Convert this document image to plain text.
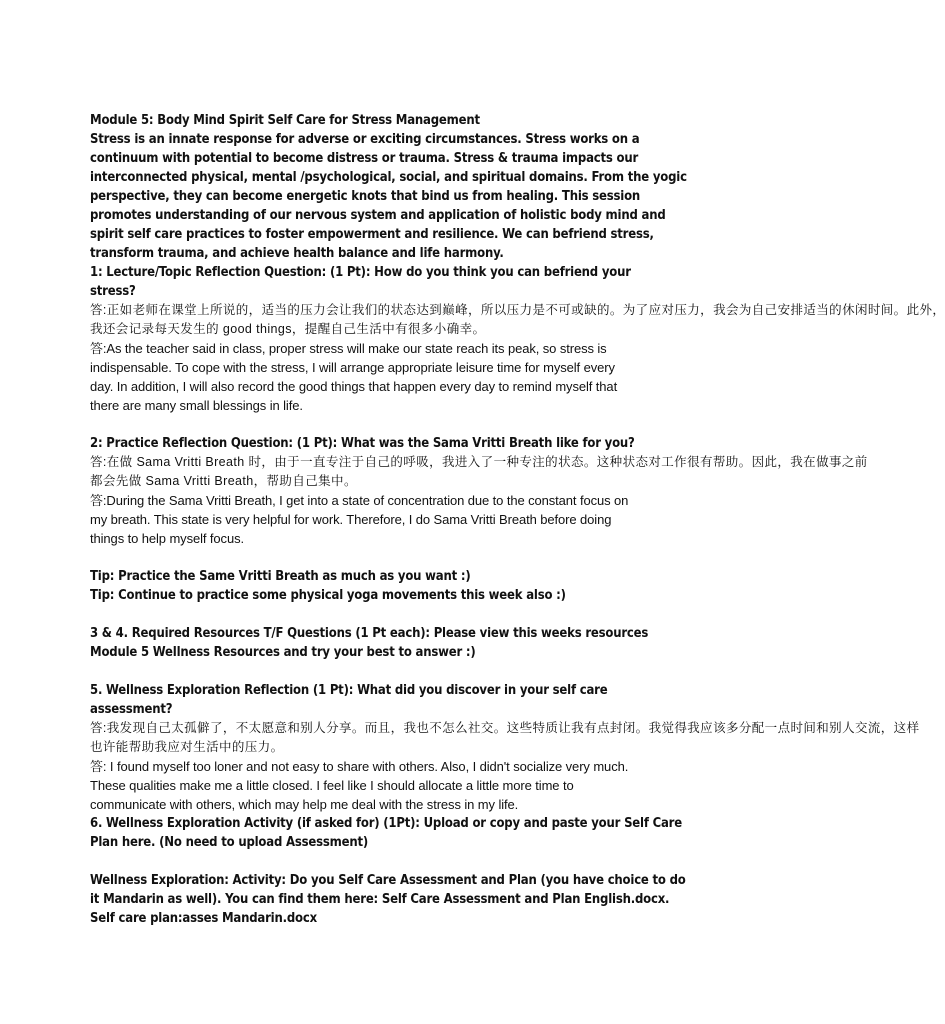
Module 5: Body Mind Spirit Self Care for Stress Management
Stress is an innate response for adverse or exciting circumstances. Stress works on a
continuum with potential to become distress or trauma. Stress & trauma impacts our
interconnected physical, mental /psychological, social, and spiritual domains. From the yogic
perspective, they can become energetic knots that bind us from healing. This session
promotes understanding of our nervous system and application of holistic body mind and
spirit self care practices to foster empowerment and resilience. We can befriend stress,
transform trauma, and achieve health balance and life harmony.
1: Lecture/Topic Reflection Question: (1 Pt): How do you think you can befriend your
stress?
答:正如老师在课堂上所说的，适当的压力会让我们的状态达到巅峰，所以压力是不可或缺的。为了应对压力，我会为自己安排适当的休闲时间。此外，
我还会记录每天发生的 good things，提醒自己生活中有很多小确幸。
答:As the teacher said in class, proper stress will make our state reach its peak, so stress is
indispensable. To cope with the stress, I will arrange appropriate leisure time for myself every
day. In addition, I will also record the good things that happen every day to remind myself that
there are many small blessings in life.
2: Practice Reflection Question: (1 Pt): What was the Sama Vritti Breath like for you?
答:在做 Sama Vritti Breath 时，由于一直专注于自己的呼吸，我进入了一种专注的状态。这种状态对工作很有帮助。因此，我在做事之前
都会先做 Sama Vritti Breath，帮助自己集中。
答:During the Sama Vritti Breath, I get into a state of concentration due to the constant focus on
my breath. This state is very helpful for work. Therefore, I do Sama Vritti Breath before doing
things to help myself focus.
Tip: Practice the Same Vritti Breath as much as you want :)
Tip: Continue to practice some physical yoga movements this week also :)
3 & 4. Required Resources T/F Questions (1 Pt each): Please view this weeks resources
Module 5 Wellness Resources and try your best to answer :)
5. Wellness Exploration Reflection (1 Pt): What did you discover in your self care
assessment?
答:我发现自己太孤僻了，不太愿意和别人分享。而且，我也不怎么社交。这些特质让我有点封闭。我觉得我应该多分配一点时间和别人交流，这样
也许能帮助我应对生活中的压力。
答: I found myself too loner and not easy to share with others. Also, I didn't socialize very much.
These qualities make me a little closed. I feel like I should allocate a little more time to
communicate with others, which may help me deal with the stress in my life.
6. Wellness Exploration Activity (if asked for) (1Pt): Upload or copy and paste your Self Care
Plan here. (No need to upload Assessment)
Wellness Exploration: Activity: Do you Self Care Assessment and Plan (you have choice to do
it Mandarin as well). You can find them here: Self Care Assessment and Plan English.docx.
Self care plan:asses Mandarin.docx
